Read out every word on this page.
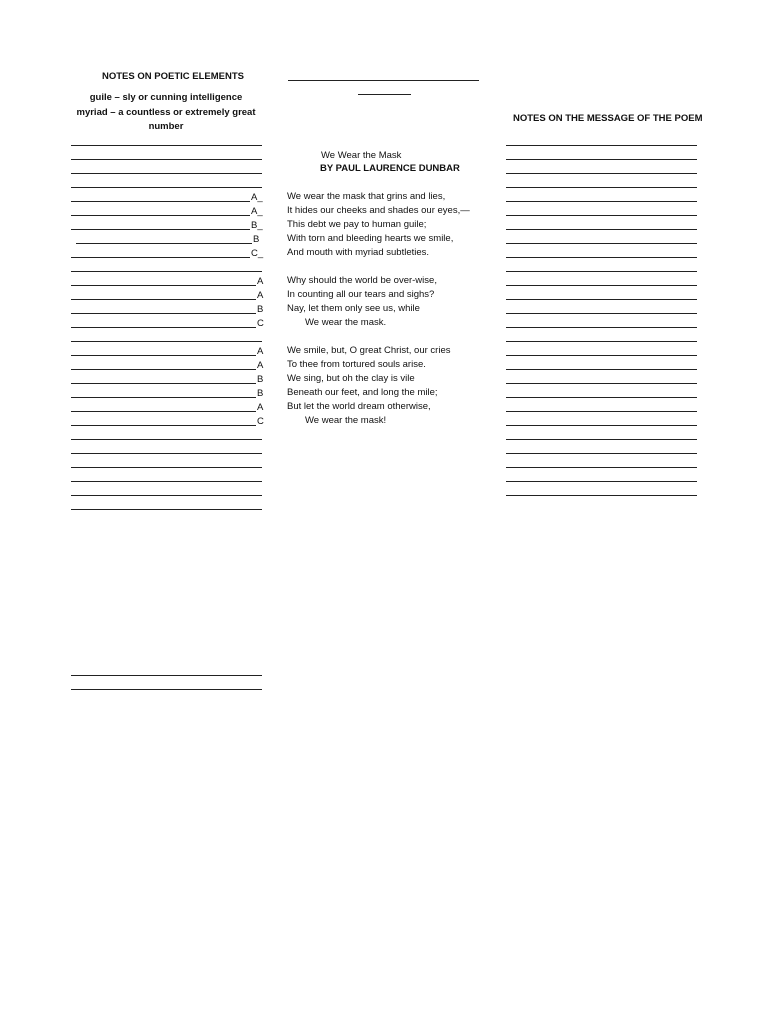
NOTES ON POETIC ELEMENTS
guile – sly or cunning intelligence
myriad – a countless or extremely great number
A_
A_
B_
B
C_
A
A
B
C
A
A
B
B
A
C
We Wear the Mask
BY PAUL LAURENCE DUNBAR
We wear the mask that grins and lies,
It hides our cheeks and shades our eyes,—
This debt we pay to human guile;
With torn and bleeding hearts we smile,
And mouth with myriad subtleties.
Why should the world be over-wise,
In counting all our tears and sighs?
Nay, let them only see us, while
We wear the mask.
We smile, but, O great Christ, our cries
To thee from tortured souls arise.
We sing, but oh the clay is vile
Beneath our feet, and long the mile;
But let the world dream otherwise,
We wear the mask!
NOTES ON THE MESSAGE OF THE POEM
